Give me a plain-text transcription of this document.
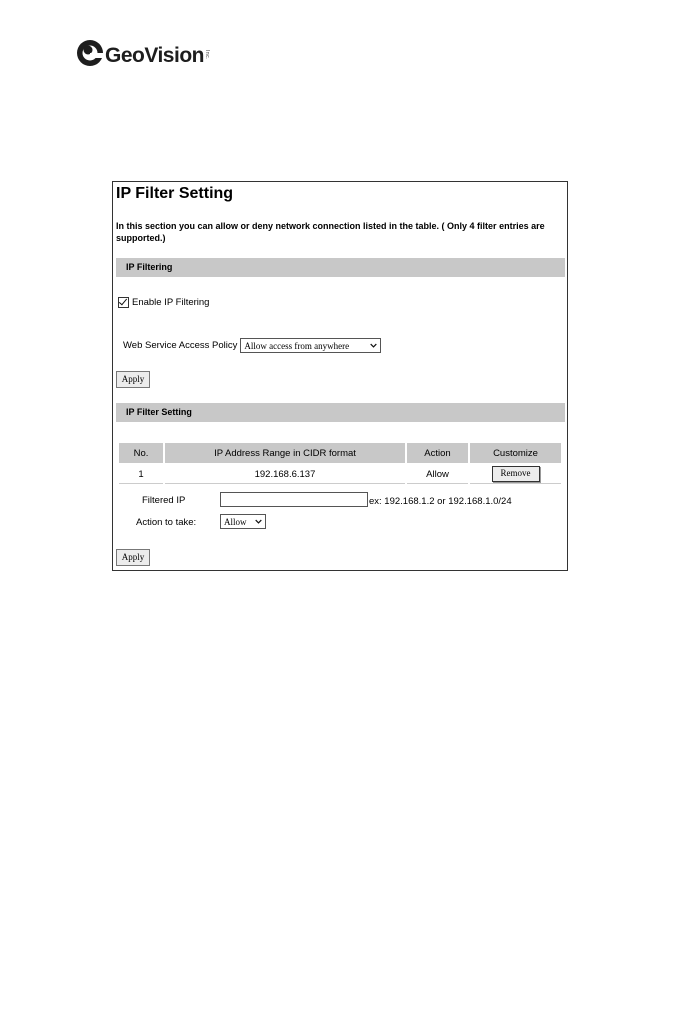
GeoVision Inc.
IP Filter Setting
In this section you can allow or deny network connection listed in the table. ( Only 4 filter entries are supported.)
IP Filtering
Enable IP Filtering
Web Service Access Policy Allow access from anywhere
Apply
IP Filter Setting
No.	IP Address Range in CIDR format	Action	Customize
1	192.168.6.137	Allow	Remove
Filtered IP	ex: 192.168.1.2 or 192.168.1.0/24
Action to take:	Allow
Apply
